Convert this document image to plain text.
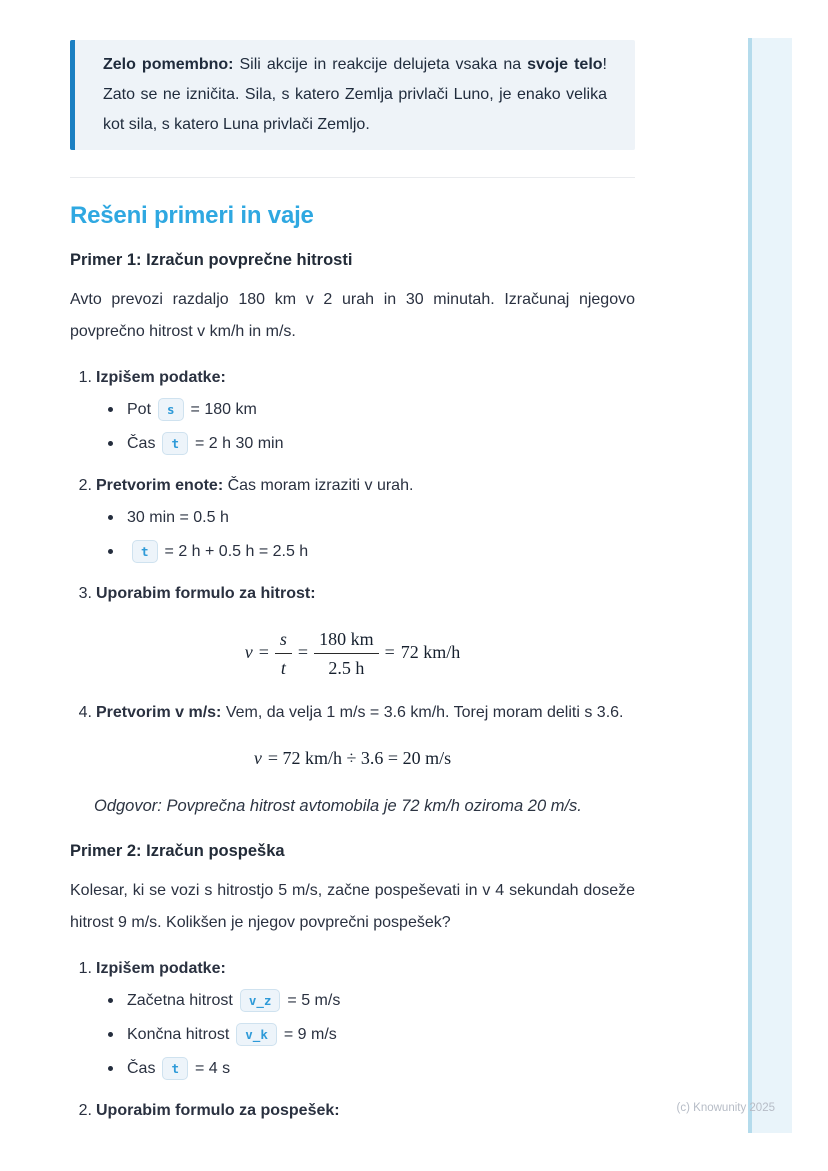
Zelo pomembno: Sili akcije in reakcije delujeta vsaka na svoje telo! Zato se ne izničita. Sila, s katero Zemlja privlači Luno, je enako velika kot sila, s katero Luna privlači Zemljo.

Rešeni primeri in vaje
Primer 1: Izračun povprečne hitrosti

Avto prevozi razdaljo 180 km v 2 urah in 30 minutah. Izračunaj njegovo povprečno hitrost v km/h in m/s.

1. Izpišem podatke:
Pot	s	= 180 km
Čas	t	= 2 h 30 min
2. Pretvorim enote: Čas moram izraziti v urah.
30 min = 0.5 h
t	= 2 h + 0.5 h = 2.5 h
3. Uporabim formulo za hitrost:
$v = \frac{s}{t} = \frac{180 km}{2.5 h} = 72$ km/h
4. Pretvorim v m/s: Vem, da velja 1 m/s = 3.6 km/h. Torej moram deliti s 3.6.
v = 72 km/h ÷ 3.6 = 20 m/s

Odgovor: Povprečna hitrost avtomobila je 72 km/h oziroma 20 m/s.

Primer 2: Izračun pospeška

Kolesar, ki se vozi s hitrostjo 5 m/s, začne pospeševati in v 4 sekundah doseže hitrost 9 m/s. Kolikšen je njegov povprečni pospešek?

1. Izpišem podatke:
Začetna hitrost	v_z	= 5 m/s
Končna hitrost	v_k	= 9 m/s
Čas	t	= 4 s
2. Uporabim formulo za pospešek:	(c) Knowunity 2025
